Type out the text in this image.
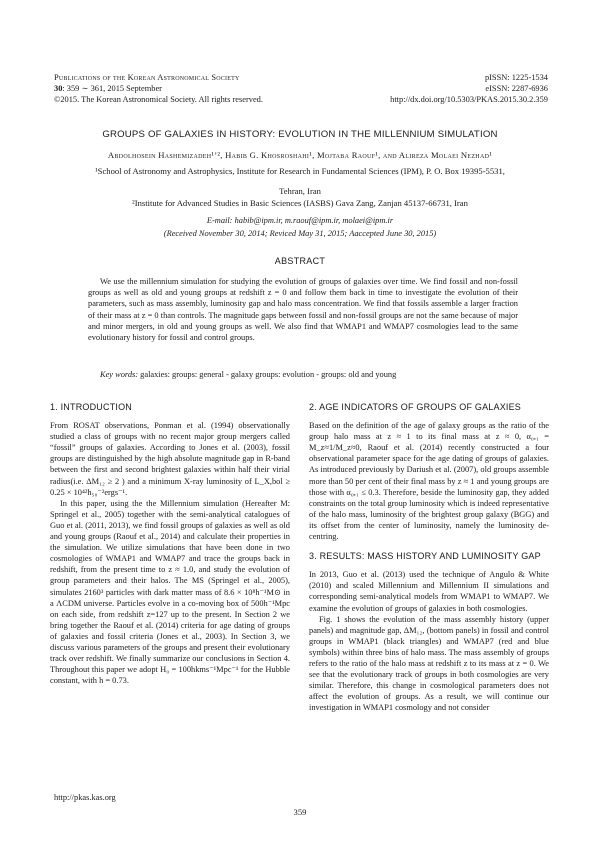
Publications of the Korean Astronomical Society
30: 359 ∼ 361, 2015 September
©2015. The Korean Astronomical Society. All rights reserved.
pISSN: 1225-1534
eISSN: 2287-6936
http://dx.doi.org/10.5303/PKAS.2015.30.2.359
GROUPS OF GALAXIES IN HISTORY: EVOLUTION IN THE MILLENNIUM SIMULATION
Abdolhosein Hashemizadeh¹ʼ², Habib G. Khosroshahi¹, Mojtaba Raouf¹, and Alireza Molaei Nezhad¹
¹School of Astronomy and Astrophysics, Institute for Research in Fundamental Sciences (IPM), P. O. Box 19395-5531,
Tehran, Iran
²Institute for Advanced Studies in Basic Sciences (IASBS) Gava Zang, Zanjan 45137-66731, Iran
E-mail: habib@ipm.ir, m.raouf@ipm.ir, molaei@ipm.ir
(Received November 30, 2014; Reviced May 31, 2015; Aaccepted June 30, 2015)
ABSTRACT
We use the millennium simulation for studying the evolution of groups of galaxies over time. We find fossil and non-fossil groups as well as old and young groups at redshift z = 0 and follow them back in time to investigate the evolution of their parameters, such as mass assembly, luminosity gap and halo mass concentration. We find that fossils assemble a larger fraction of their mass at z = 0 than controls. The magnitude gaps between fossil and non-fossil groups are not the same because of major and minor mergers, in old and young groups as well. We also find that WMAP1 and WMAP7 cosmologies lead to the same evolutionary history for fossil and control groups.
Key words: galaxies: groups: general - galaxy groups: evolution - groups: old and young
1. INTRODUCTION

From ROSAT observations, Ponman et al. (1994) observationally studied a class of groups with no recent major group mergers called “fossil” groups of galaxies. According to Jones et al. (2003), fossil groups are distinguished by the high absolute magnitude gap in R-band between the first and second brightest galaxies within half their virial radius(i.e. ΔM₁₂ ≥ 2 ) and a minimum X-ray luminosity of L_X,bol ≥ 0.25 × 10⁴²h₅₀⁻²ergs⁻¹.

In this paper, using the the Millennium simulation (Hereafter M: Springel et al., 2005) together with the semi-analytical catalogues of Guo et al. (2011, 2013), we find fossil groups of galaxies as well as old and young groups (Raouf et al., 2014) and calculate their properties in the simulation. We utilize simulations that have been done in two cosmologies of WMAP1 and WMAP7 and trace the groups back in redshift, from the present time to z ≈ 1.0, and study the evolution of group parameters and their halos. The MS (Springel et al., 2005), simulates 2160³ particles with dark matter mass of 8.6 × 10⁸h⁻¹M⊙ in a ΛCDM universe. Particles evolve in a co-moving box of 500h⁻¹Mpc on each side, from redshift z=127 up to the present. In Section 2 we bring together the Raouf et al. (2014) criteria for age dating of groups of galaxies and fossil criteria (Jones et al., 2003). In Section 3, we discuss various parameters of the groups and present their evolutionary track over redshift. We finally summarize our conclusions in Section 4. Throughout this paper we adopt H₀ = 100hkms⁻¹Mpc⁻¹ for the Hubble constant, with h = 0.73.

2. AGE INDICATORS OF GROUPS OF GALAXIES

Based on the definition of the age of galaxy groups as the ratio of the group halo mass at z ≈ 1 to its final mass at z ≈ 0, α₀,₁ = M_z≈1/M_z≈0, Raouf et al. (2014) recently constructed a four observational parameter space for the age dating of groups of galaxies. As introduced previously by Dariush et al. (2007), old groups assemble more than 50 per cent of their final mass by z ≈ 1 and young groups are those with α₀,₁ ≤ 0.3. Therefore, beside the luminosity gap, they added constraints on the total group luminosity which is indeed representative of the halo mass, luminosity of the brightest group galaxy (BGG) and its offset from the center of luminosity, namely the luminosity de-centring.

3. RESULTS: MASS HISTORY AND LUMINOSITY GAP

In 2013, Guo et al. (2013) used the technique of Angulo & White (2010) and scaled Millennium and Millennium II simulations and corresponding semi-analytical models from WMAP1 to WMAP7. We examine the evolution of groups of galaxies in both cosmologies.

Fig. 1 shows the evolution of the mass assembly history (upper panels) and magnitude gap, ΔM₁₂, (bottom panels) in fossil and control groups in WMAP1 (black triangles) and WMAP7 (red and blue symbols) within three bins of halo mass. The mass assembly of groups refers to the ratio of the halo mass at redshift z to its mass at z = 0. We see that the evolutionary track of groups in both cosmologies are very similar. Therefore, this change in cosmological parameters does not affect the evolution of groups. As a result, we will continue our investigation in WMAP1 cosmology and not consider

http://pkas.kas.org
359
